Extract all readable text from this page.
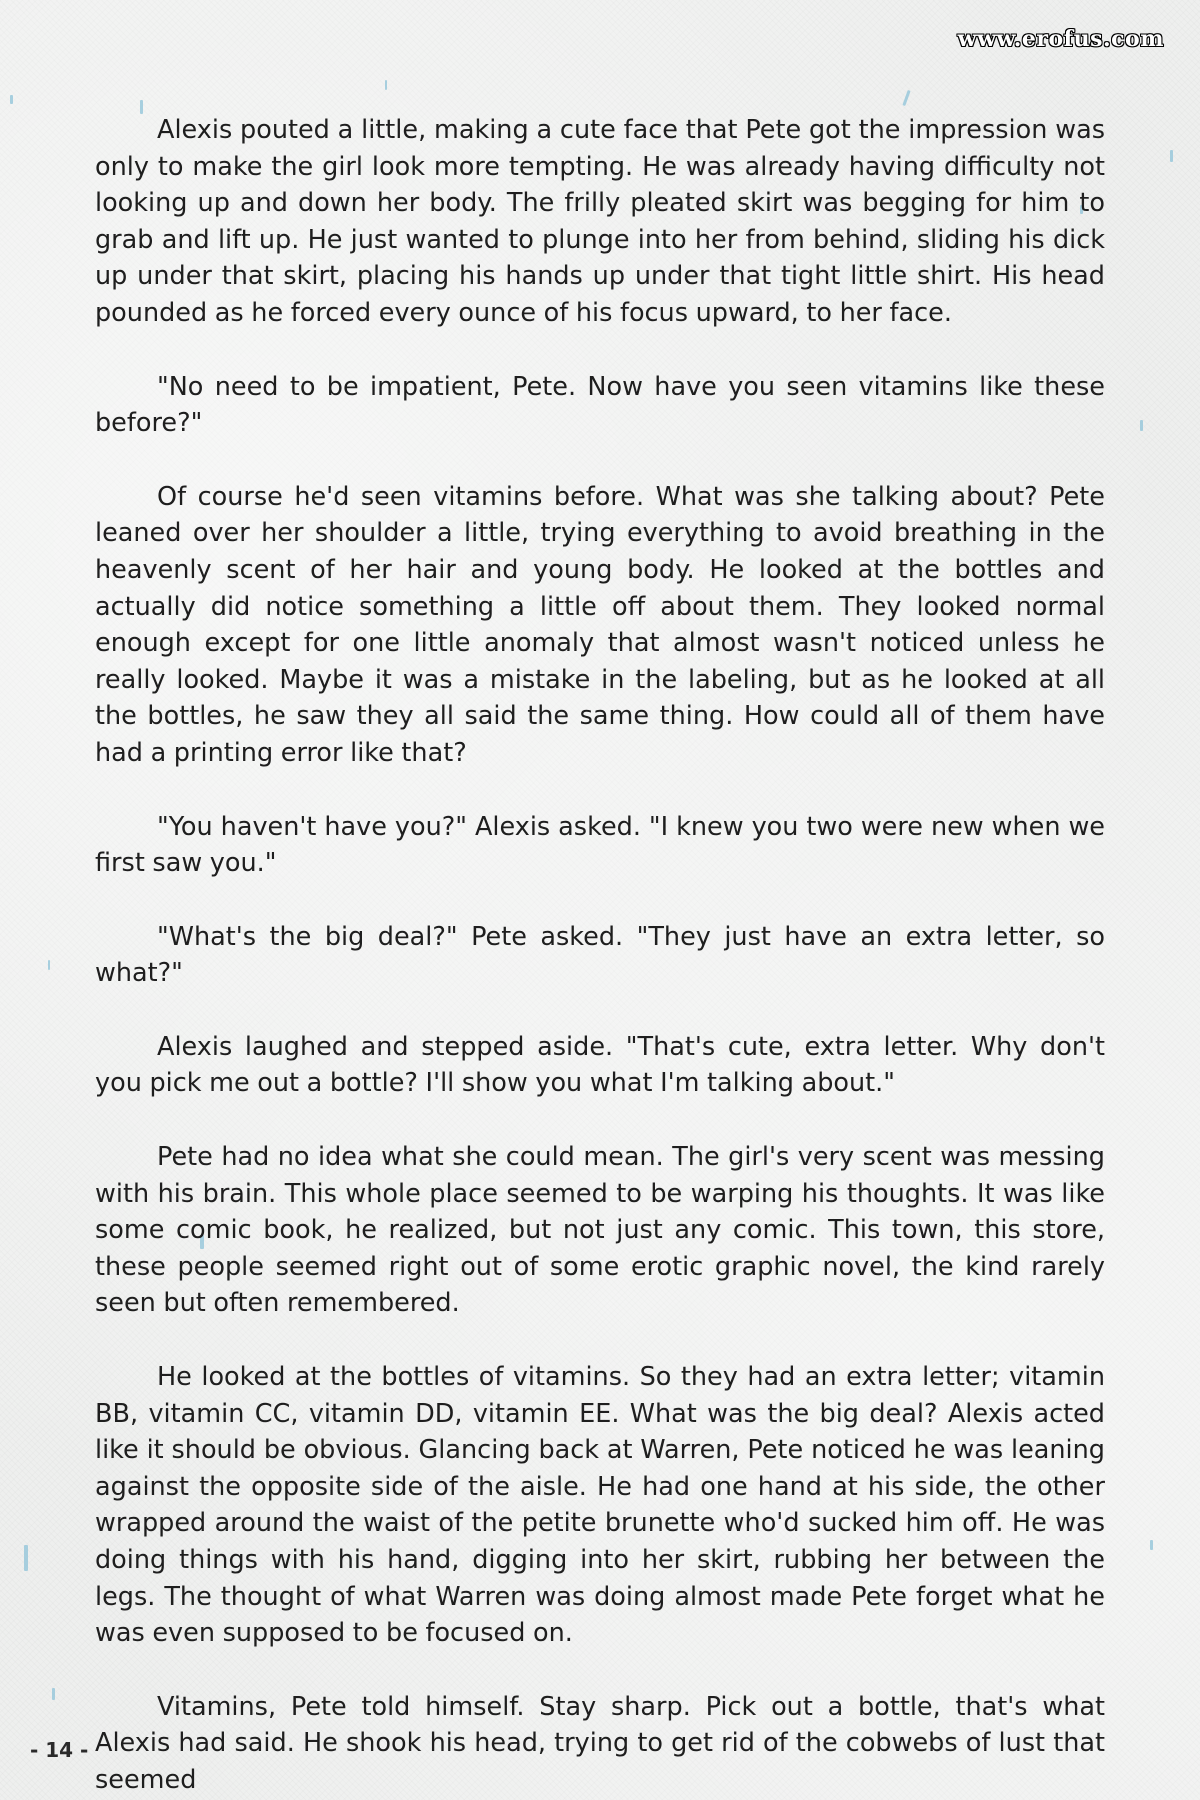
www.erofus.com

Alexis pouted a little, making a cute face that Pete got the impression was only to make the girl look more tempting. He was already having difficulty not looking up and down her body. The frilly pleated skirt was begging for him to grab and lift up. He just wanted to plunge into her from behind, sliding his dick up under that skirt, placing his hands up under that tight little shirt. His head pounded as he forced every ounce of his focus upward, to her face.

"No need to be impatient, Pete. Now have you seen vitamins like these before?"

Of course he'd seen vitamins before. What was she talking about? Pete leaned over her shoulder a little, trying everything to avoid breathing in the heavenly scent of her hair and young body. He looked at the bottles and actually did notice something a little off about them. They looked normal enough except for one little anomaly that almost wasn't noticed unless he really looked. Maybe it was a mistake in the labeling, but as he looked at all the bottles, he saw they all said the same thing. How could all of them have had a printing error like that?

"You haven't have you?" Alexis asked. "I knew you two were new when we first saw you."

"What's the big deal?" Pete asked. "They just have an extra letter, so what?"

Alexis laughed and stepped aside. "That's cute, extra letter. Why don't you pick me out a bottle? I'll show you what I'm talking about."

Pete had no idea what she could mean. The girl's very scent was messing with his brain. This whole place seemed to be warping his thoughts. It was like some comic book, he realized, but not just any comic. This town, this store, these people seemed right out of some erotic graphic novel, the kind rarely seen but often remembered.

He looked at the bottles of vitamins. So they had an extra letter; vitamin BB, vitamin CC, vitamin DD, vitamin EE. What was the big deal? Alexis acted like it should be obvious. Glancing back at Warren, Pete noticed he was leaning against the opposite side of the aisle. He had one hand at his side, the other wrapped around the waist of the petite brunette who'd sucked him off. He was doing things with his hand, digging into her skirt, rubbing her between the legs. The thought of what Warren was doing almost made Pete forget what he was even supposed to be focused on.

Vitamins, Pete told himself. Stay sharp. Pick out a bottle, that's what Alexis had said. He shook his head, trying to get rid of the cobwebs of lust that seemed

- 14 -
